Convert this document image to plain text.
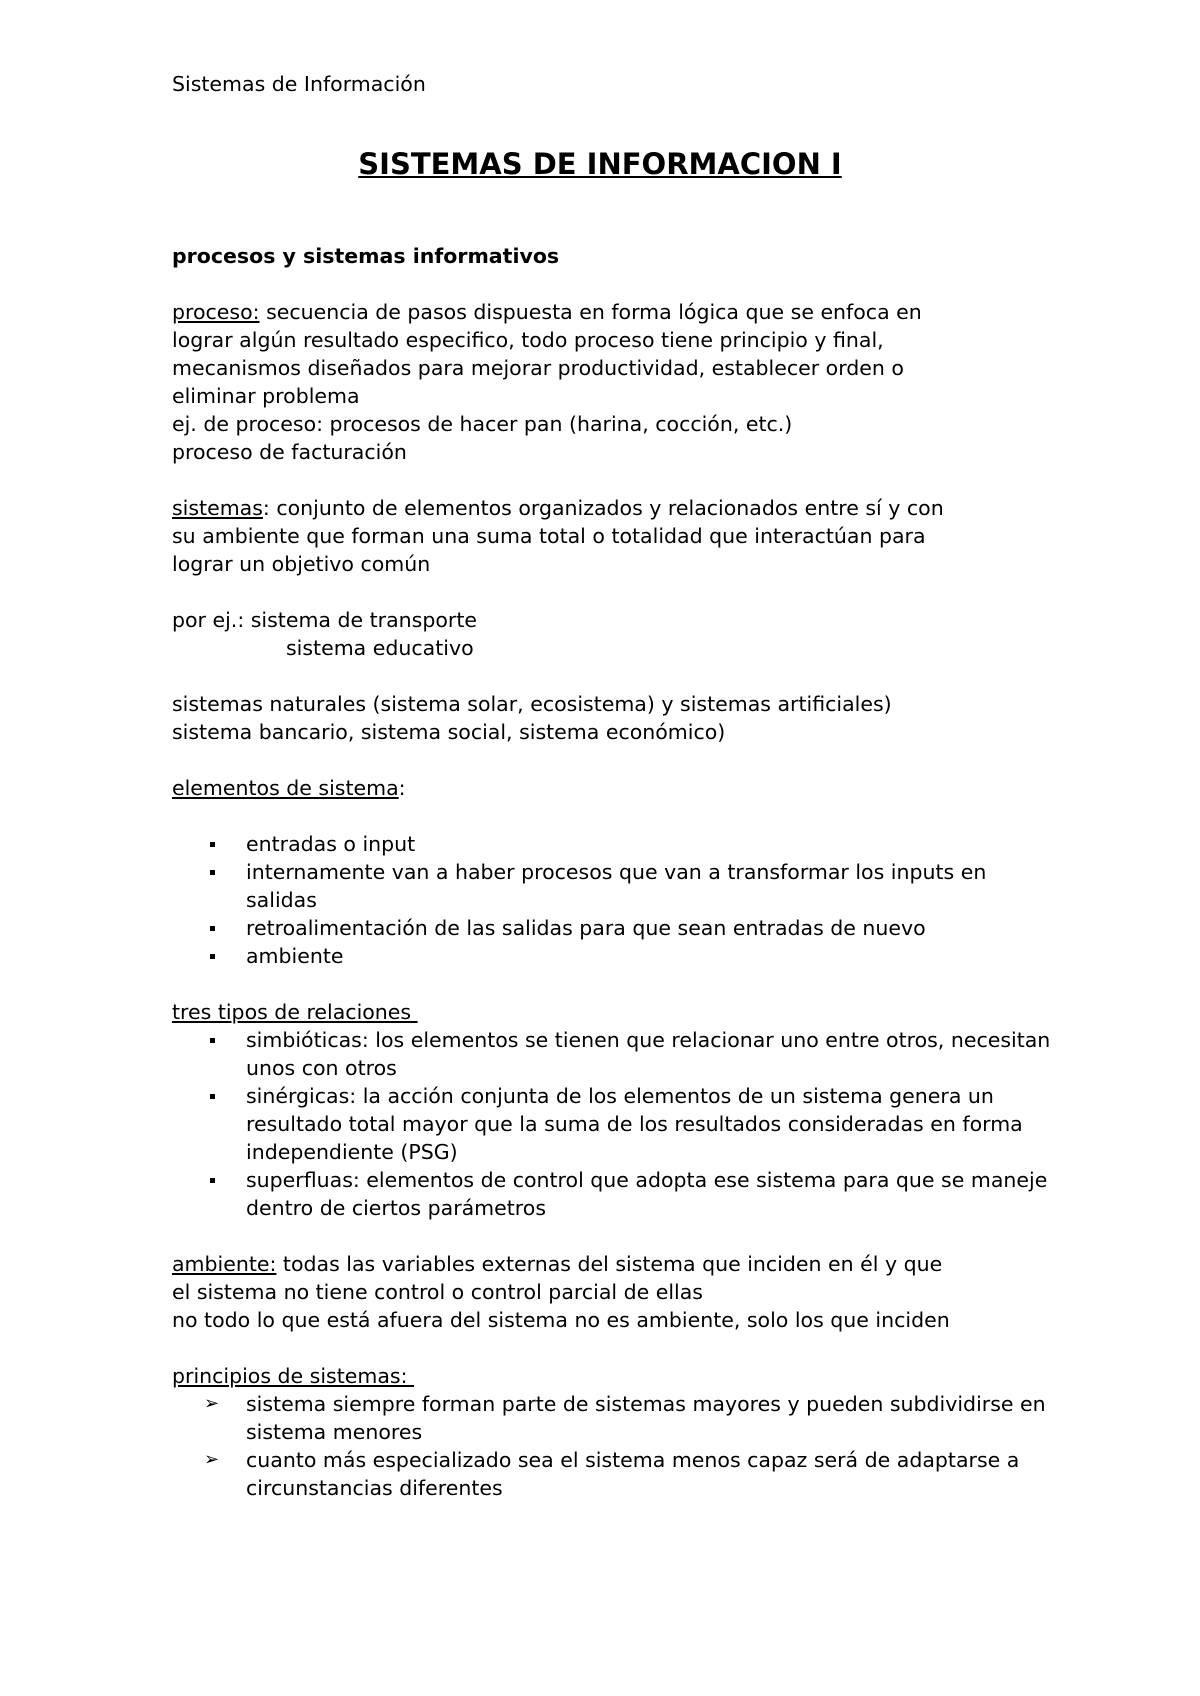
Sistemas de Información
SISTEMAS DE INFORMACION I

procesos y sistemas informativos

proceso: secuencia de pasos dispuesta en forma lógica que se enfoca en

lograr algún resultado especifico, todo proceso tiene principio y final,

mecanismos diseñados para mejorar productividad, establecer orden o

eliminar problema

ej. de proceso: procesos de hacer pan (harina, cocción, etc.)

proceso de facturación

sistemas: conjunto de elementos organizados y relacionados entre sí y con

su ambiente que forman una suma total o totalidad que interactúan para

lograr un objetivo común

por ej.: sistema de transporte

sistema educativo

sistemas naturales (sistema solar, ecosistema) y sistemas artificiales)

sistema bancario, sistema social, sistema económico)

elementos de sistema:

entradas o input
internamente van a haber procesos que van a transformar los inputs en salidas
retroalimentación de las salidas para que sean entradas de nuevo
ambiente

tres tipos de relaciones

simbióticas: los elementos se tienen que relacionar uno entre otros, necesitan unos con otros
sinérgicas: la acción conjunta de los elementos de un sistema genera un resultado total mayor que la suma de los resultados consideradas en forma independiente (PSG)
superfluas: elementos de control que adopta ese sistema para que se maneje dentro de ciertos parámetros

ambiente: todas las variables externas del sistema que inciden en él y que

el sistema no tiene control o control parcial de ellas

no todo lo que está afuera del sistema no es ambiente, solo los que inciden

principios de sistemas:

➢ sistema siempre forman parte de sistemas mayores y pueden subdividirse en sistema menores
➢ cuanto más especializado sea el sistema menos capaz será de adaptarse a circunstancias diferentes
